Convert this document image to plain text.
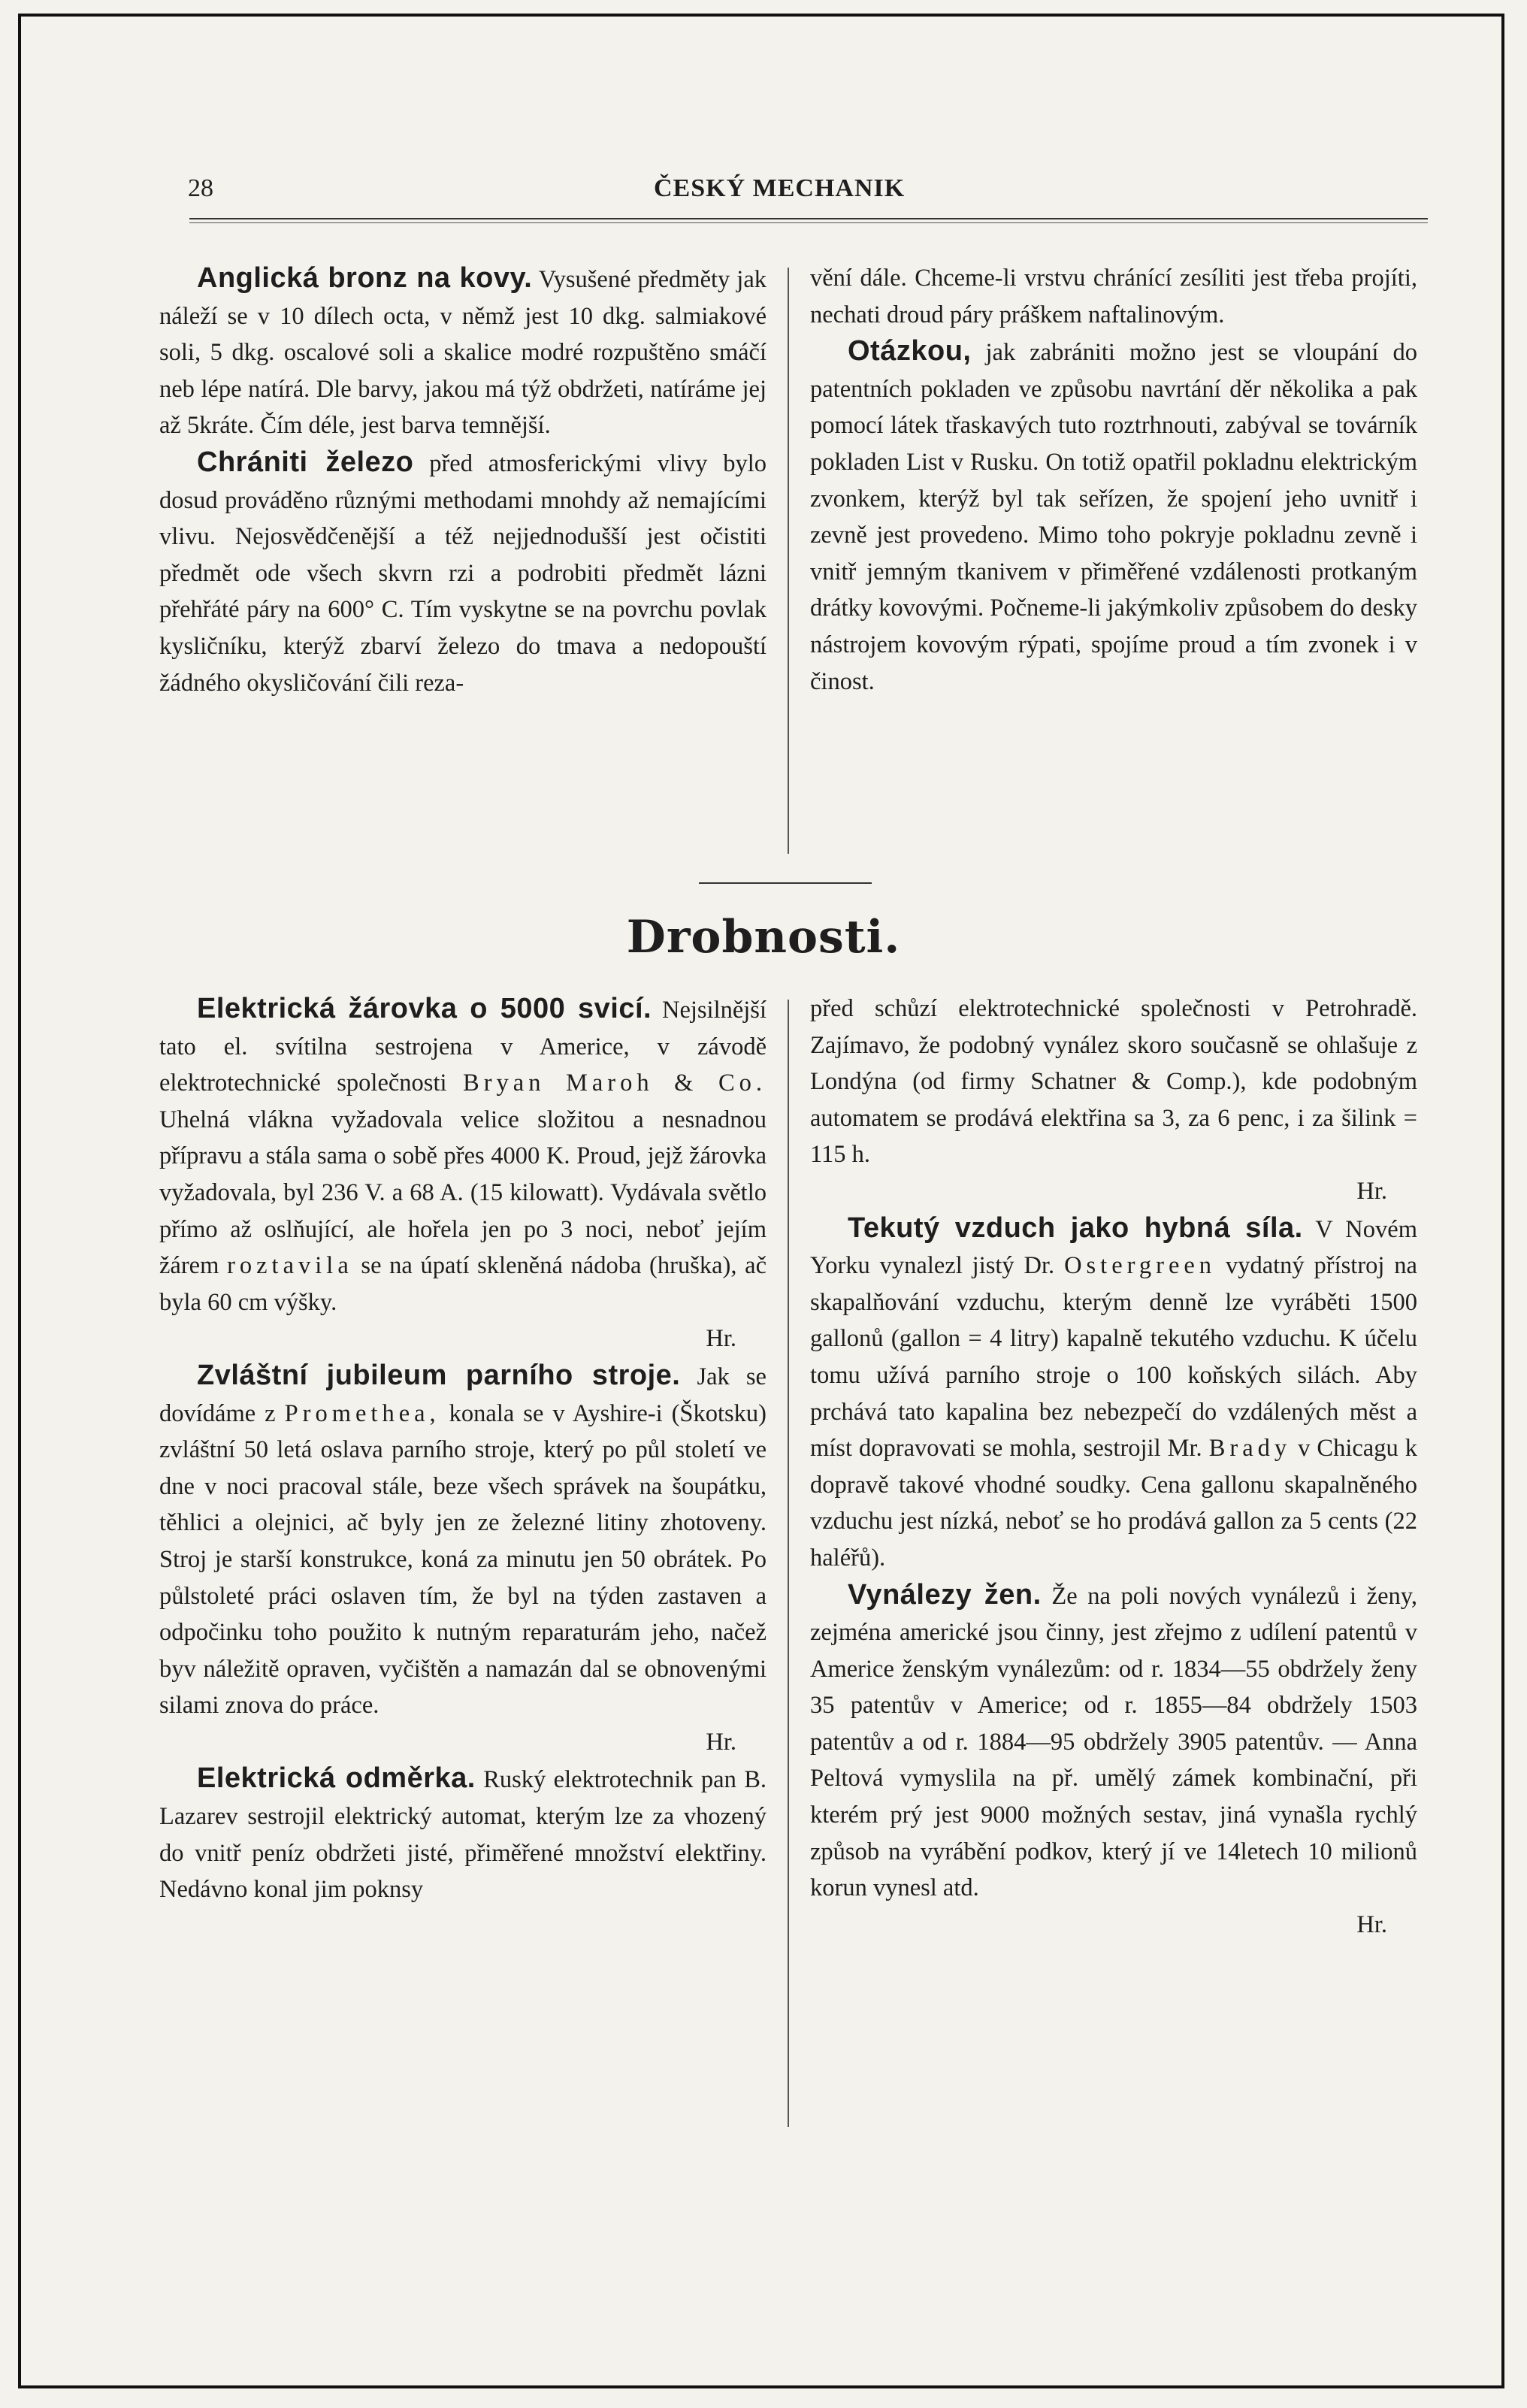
28	ČESKÝ MECHANIK

Anglická bronz na kovy. Vysušené předměty jak náleží se v 10 dílech octa, v němž jest 10 dkg. salmiakové soli, 5 dkg. oscalové soli a skalice modré rozpuštěno smáčí neb lépe natírá. Dle barvy, jakou má týž obdržeti, natíráme jej až 5kráte. Čím déle, jest barva temnější.

Chrániti železo před atmosferickými vlivy bylo dosud prováděno různými methodami mnohdy až nemajícími vlivu. Nejosvědčenější a též nejjednodušší jest očistiti předmět ode všech skvrn rzi a podrobiti předmět lázni přehřáté páry na 600° C. Tím vyskytne se na povrchu povlak kysličníku, kterýž zbarví železo do tmava a nedopouští žádného okysličování čili reza-

vění dále. Chceme-li vrstvu chránící zesíliti jest třeba projíti, nechati droud páry práškem naftalinovým.

Otázkou, jak zabrániti možno jest se vloupání do patentních pokladen ve způsobu navrtání děr několika a pak pomocí látek třaskavých tuto roztrhnouti, zabýval se továrník pokladen List v Rusku. On totiž opatřil pokladnu elektrickým zvonkem, kterýž byl tak seřízen, že spojení jeho uvnitř i zevně jest provedeno. Mimo toho pokryje pokladnu zevně i vnitř jemným tkanivem v přiměřené vzdálenosti protkaným drátky kovovými. Počneme-li jakýmkoliv způsobem do desky nástrojem kovovým rýpati, spojíme proud a tím zvonek i v činost.

Drobnosti.

Elektrická žárovka o 5000 svicí. Nejsilnější tato el. svítilna sestrojena v Americe, v závodě elektrotechnické společnosti Bryan Maroh & Co. Uhelná vlákna vyžadovala velice složitou a nesnadnou přípravu a stála sama o sobě přes 4000 K. Proud, jejž žárovka vyžadovala, byl 236 V. a 68 A. (15 kilowatt). Vydávala světlo přímo až oslňující, ale hořela jen po 3 noci, neboť jejím žárem roztavila se na úpatí skleněná nádoba (hruška), ač byla 60 cm výšky.

Hr.

Zvláštní jubileum parního stroje. Jak se dovídáme z Promethea, konala se v Ayshire-i (Škotsku) zvláštní 50 letá oslava parního stroje, který po půl století ve dne v noci pracoval stále, beze všech správek na šoupátku, těhlici a olejnici, ač byly jen ze železné litiny zhotoveny. Stroj je starší konstrukce, koná za minutu jen 50 obrátek. Po půlstoleté práci oslaven tím, že byl na týden zastaven a odpočinku toho použito k nutným reparaturám jeho, načež byv náležitě opraven, vyčištěn a namazán dal se obnovenými silami znova do práce.

Hr.

Elektrická odměrka. Ruský elektrotechnik pan B. Lazarev sestrojil elektrický automat, kterým lze za vhozený do vnitř peníz obdržeti jisté, přiměřené množství elektřiny. Nedávno konal jim poknsy

před schůzí elektrotechnické společnosti v Petrohradě. Zajímavo, že podobný vynález skoro současně se ohlašuje z Londýna (od firmy Schatner & Comp.), kde podobným automatem se prodává elektřina sa 3, za 6 penc, i za šilink = 115 h.

Hr.

Tekutý vzduch jako hybná síla. V Novém Yorku vynalezl jistý Dr. Ostergreen vydatný přístroj na skapalňování vzduchu, kterým denně lze vyráběti 1500 gallonů (gallon = 4 litry) kapalně tekutého vzduchu. K účelu tomu užívá parního stroje o 100 koňských silách. Aby prchává tato kapalina bez nebezpečí do vzdálených měst a míst dopravovati se mohla, sestrojil Mr. Brady v Chicagu k dopravě takové vhodné soudky. Cena gallonu skapalněného vzduchu jest nízká, neboť se ho prodává gallon za 5 cents (22 haléřů).

Vynálezy žen. Že na poli nových vynálezů i ženy, zejména americké jsou činny, jest zřejmo z udílení patentů v Americe ženským vynálezům: od r. 1834—55 obdržely ženy 35 patentův v Americe; od r. 1855—84 obdržely 1503 patentův a od r. 1884—95 obdržely 3905 patentův. — Anna Peltová vymyslila na př. umělý zámek kombinační, při kterém prý jest 9000 možných sestav, jiná vynašla rychlý způsob na vyrábění podkov, který jí ve 14letech 10 milionů korun vynesl atd.

Hr.
